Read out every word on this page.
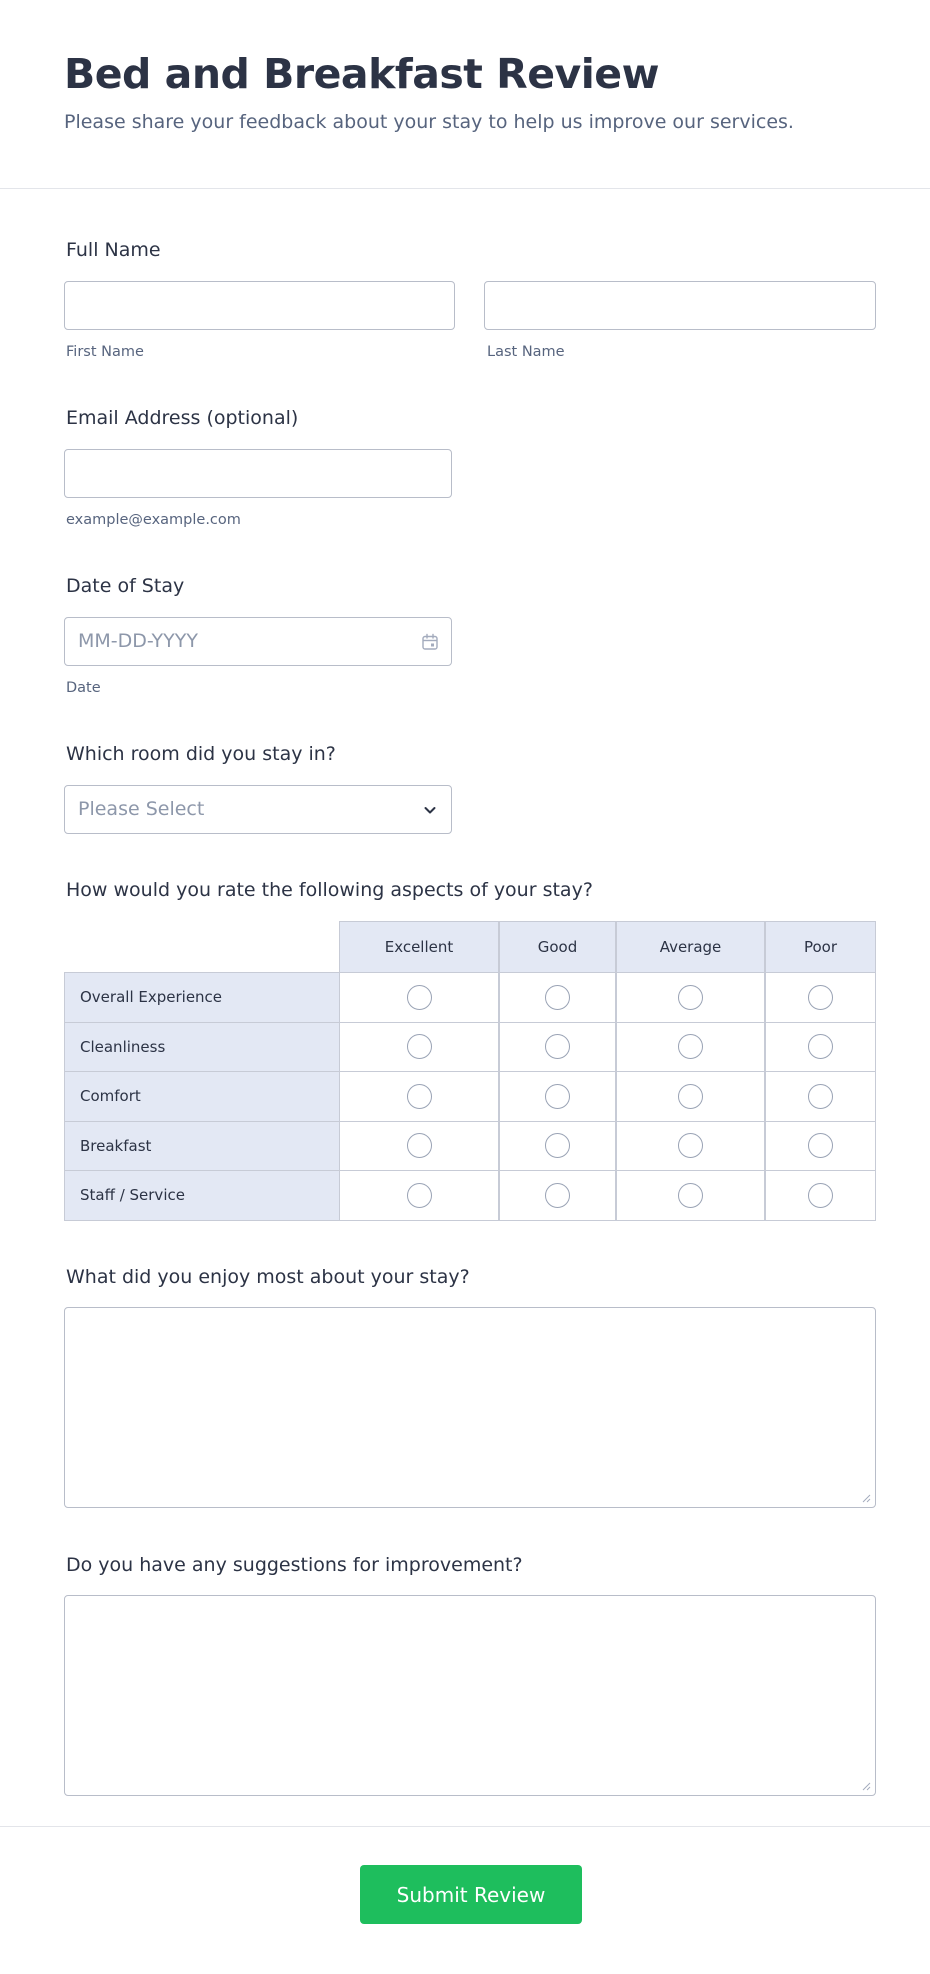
Bed and Breakfast Review
Please share your feedback about your stay to help us improve our services.
Full Name
First Name	Last Name
Email Address (optional)
example@example.com
Date of Stay
MM-DD-YYYY
Date
Which room did you stay in?
Please Select
How would you rate the following aspects of your stay?
Excellent	Good	Average	Poor
Overall Experience
Cleanliness
Comfort
Breakfast
Staff / Service
What did you enjoy most about your stay?
Do you have any suggestions for improvement?
Submit Review
